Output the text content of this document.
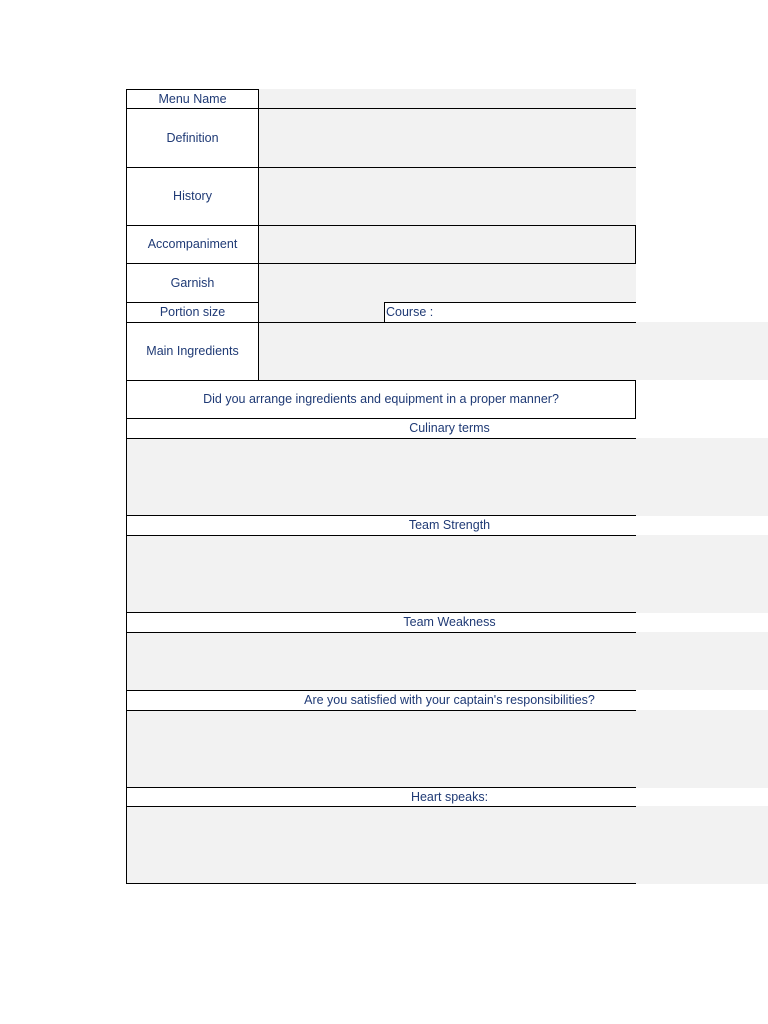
Menu Name
Definition
History
Accompaniment
Garnish
Portion size	Course :
Main Ingredients
Did you arrange ingredients and equipment in a proper manner?
Culinary terms
Team Strength
Team Weakness
Are you satisfied with your captain's responsibilities?
Heart speaks:
